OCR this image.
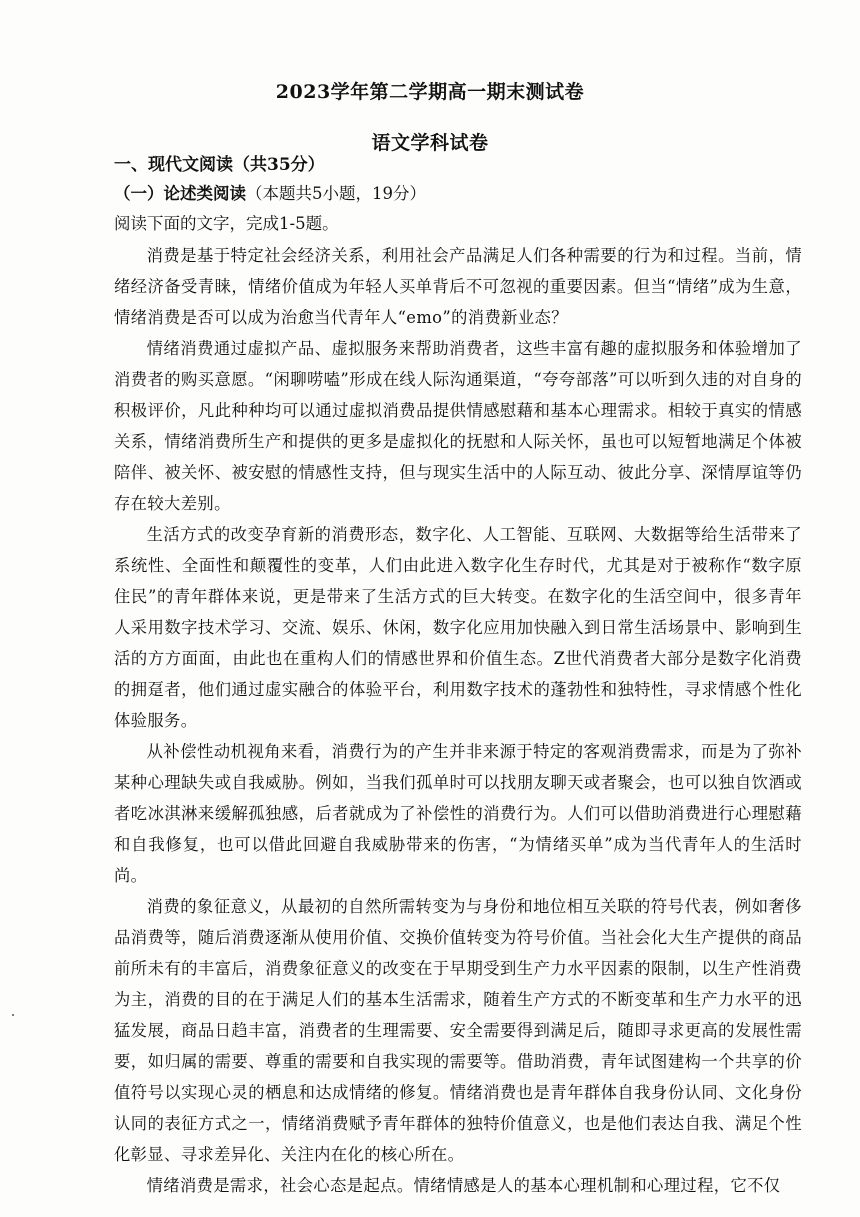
2023学年第二学期高一期末测试卷
语文学科试卷
一、现代文阅读（共35分）
（一）论述类阅读（本题共5小题，19分）
阅读下面的文字，完成1-5题。

消费是基于特定社会经济关系，利用社会产品满足人们各种需要的行为和过程。当前，情绪经济备受青睐，情绪价值成为年轻人买单背后不可忽视的重要因素。但当“情绪”成为生意，情绪消费是否可以成为治愈当代青年人“emo”的消费新业态？

情绪消费通过虚拟产品、虚拟服务来帮助消费者，这些丰富有趣的虚拟服务和体验增加了消费者的购买意愿。“闲聊唠嗑”形成在线人际沟通渠道，“夸夸部落”可以听到久违的对自身的积极评价，凡此种种均可以通过虚拟消费品提供情感慰藉和基本心理需求。相较于真实的情感关系，情绪消费所生产和提供的更多是虚拟化的抚慰和人际关怀，虽也可以短暂地满足个体被陪伴、被关怀、被安慰的情感性支持，但与现实生活中的人际互动、彼此分享、深情厚谊等仍存在较大差别。

生活方式的改变孕育新的消费形态，数字化、人工智能、互联网、大数据等给生活带来了系统性、全面性和颠覆性的变革，人们由此进入数字化生存时代，尤其是对于被称作“数字原住民”的青年群体来说，更是带来了生活方式的巨大转变。在数字化的生活空间中，很多青年人采用数字技术学习、交流、娱乐、休闲，数字化应用加快融入到日常生活场景中、影响到生活的方方面面，由此也在重构人们的情感世界和价值生态。Z世代消费者大部分是数字化消费的拥趸者，他们通过虚实融合的体验平台，利用数字技术的蓬勃性和独特性，寻求情感个性化体验服务。

从补偿性动机视角来看，消费行为的产生并非来源于特定的客观消费需求，而是为了弥补某种心理缺失或自我威胁。例如，当我们孤单时可以找朋友聊天或者聚会，也可以独自饮酒或者吃冰淇淋来缓解孤独感，后者就成为了补偿性的消费行为。人们可以借助消费进行心理慰藉和自我修复，也可以借此回避自我威胁带来的伤害，“为情绪买单”成为当代青年人的生活时尚。

消费的象征意义，从最初的自然所需转变为与身份和地位相互关联的符号代表，例如奢侈品消费等，随后消费逐渐从使用价值、交换价值转变为符号价值。当社会化大生产提供的商品前所未有的丰富后，消费象征意义的改变在于早期受到生产力水平因素的限制，以生产性消费为主，消费的目的在于满足人们的基本生活需求，随着生产方式的不断变革和生产力水平的迅猛发展，商品日趋丰富，消费者的生理需要、安全需要得到满足后，随即寻求更高的发展性需要，如归属的需要、尊重的需要和自我实现的需要等。借助消费，青年试图建构一个共享的价值符号以实现心灵的栖息和达成情绪的修复。情绪消费也是青年群体自我身份认同、文化身份认同的表征方式之一，情绪消费赋予青年群体的独特价值意义，也是他们表达自我、满足个性化彰显、寻求差异化、关注内在化的核心所在。

情绪消费是需求，社会心态是起点。情绪情感是人的基本心理机制和心理过程，它不仅
